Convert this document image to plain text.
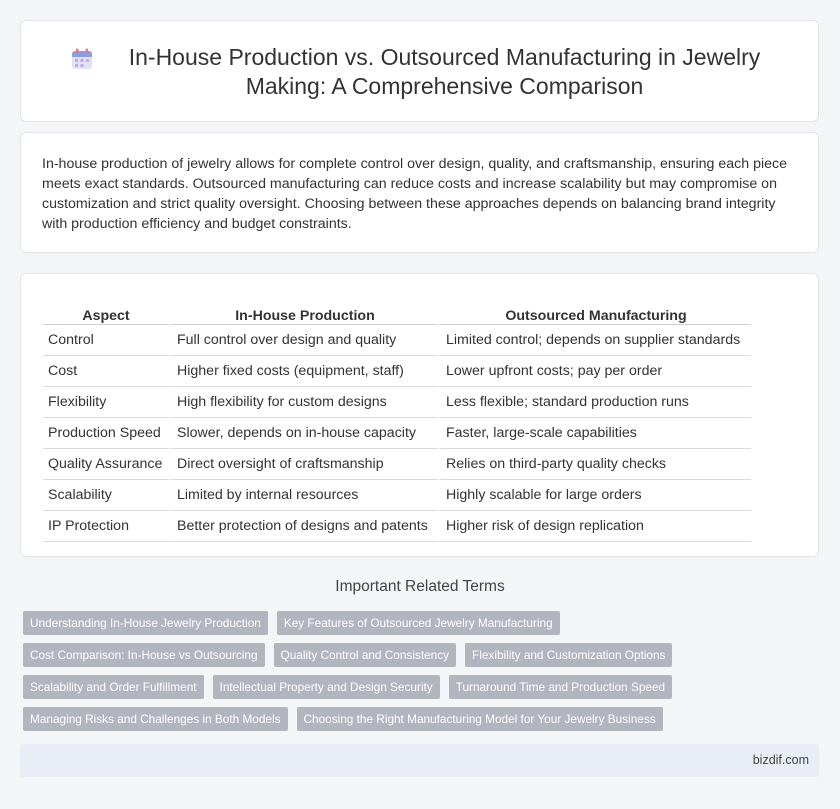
In-House Production vs. Outsourced Manufacturing in Jewelry Making: A Comprehensive Comparison
In-house production of jewelry allows for complete control over design, quality, and craftsmanship, ensuring each piece meets exact standards. Outsourced manufacturing can reduce costs and increase scalability but may compromise on customization and strict quality oversight. Choosing between these approaches depends on balancing brand integrity with production efficiency and budget constraints.
Aspect	In-House Production	Outsourced Manufacturing
Control	Full control over design and quality	Limited control; depends on supplier standards
Cost	Higher fixed costs (equipment, staff)	Lower upfront costs; pay per order
Flexibility	High flexibility for custom designs	Less flexible; standard production runs
Production Speed	Slower, depends on in-house capacity	Faster, large-scale capabilities
Quality Assurance	Direct oversight of craftsmanship	Relies on third-party quality checks
Scalability	Limited by internal resources	Highly scalable for large orders
IP Protection	Better protection of designs and patents	Higher risk of design replication
Important Related Terms
Understanding In-House Jewelry Production	Key Features of Outsourced Jewelry Manufacturing
Cost Comparison: In-House vs Outsourcing	Quality Control and Consistency	Flexibility and Customization Options
Scalability and Order Fulfillment	Intellectual Property and Design Security	Turnaround Time and Production Speed
Managing Risks and Challenges in Both Models	Choosing the Right Manufacturing Model for Your Jewelry Business
bizdif.com
